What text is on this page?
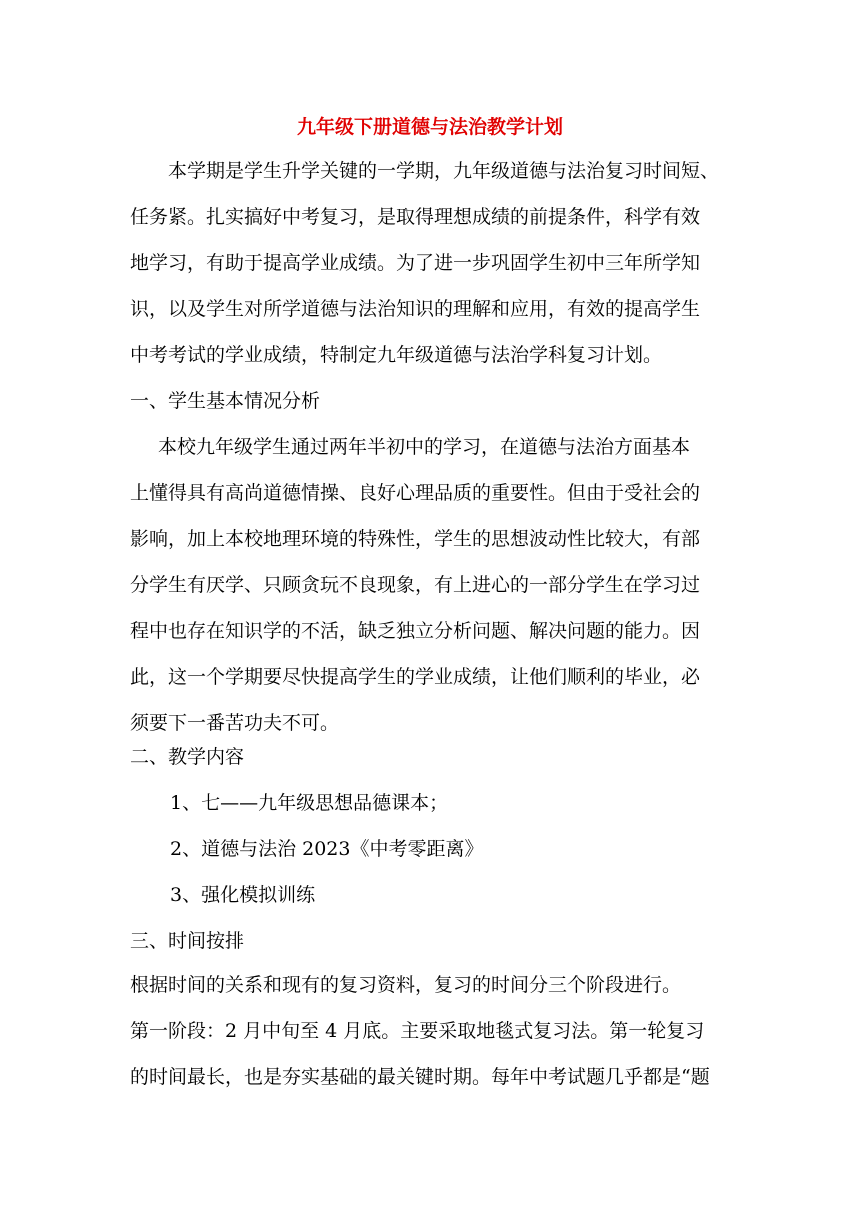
九年级下册道德与法治教学计划
本学期是学生升学关键的一学期，九年级道德与法治复习时间短、
任务紧。扎实搞好中考复习，是取得理想成绩的前提条件，科学有效
地学习，有助于提高学业成绩。为了进一步巩固学生初中三年所学知
识，以及学生对所学道德与法治知识的理解和应用，有效的提高学生
中考考试的学业成绩，特制定九年级道德与法治学科复习计划。
一、学生基本情况分析
本校九年级学生通过两年半初中的学习，在道德与法治方面基本
上懂得具有高尚道德情操、良好心理品质的重要性。但由于受社会的
影响，加上本校地理环境的特殊性，学生的思想波动性比较大，有部
分学生有厌学、只顾贪玩不良现象，有上进心的一部分学生在学习过
程中也存在知识学的不活，缺乏独立分析问题、解决问题的能力。因
此，这一个学期要尽快提高学生的学业成绩，让他们顺利的毕业，必
须要下一番苦功夫不可。
二、教学内容
1、七——九年级思想品德课本；
2、道德与法治 2023《中考零距离》
3、强化模拟训练
三、时间按排
根据时间的关系和现有的复习资料，复习的时间分三个阶段进行。
第一阶段：2 月中旬至 4 月底。主要采取地毯式复习法。第一轮复习
的时间最长，也是夯实基础的最关键时期。每年中考试题几乎都是“题
